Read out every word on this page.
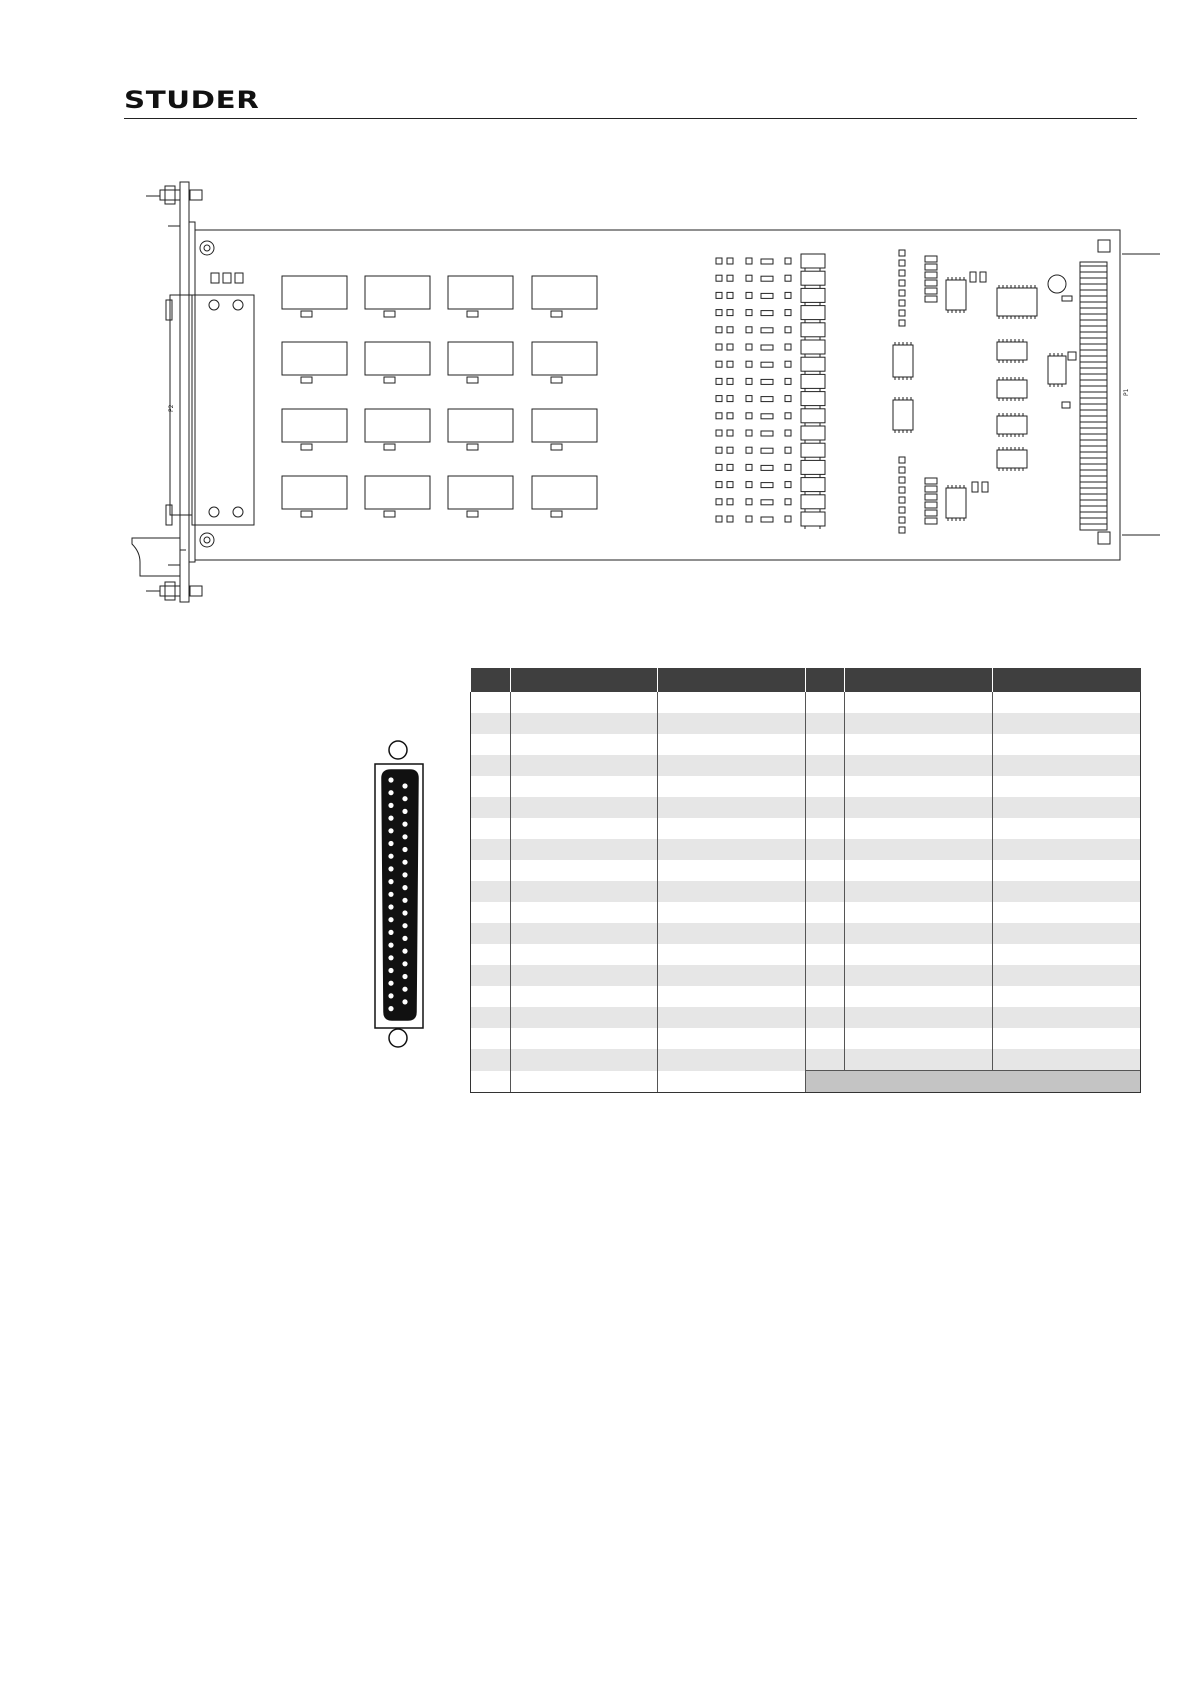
STUDER
P2
P1
